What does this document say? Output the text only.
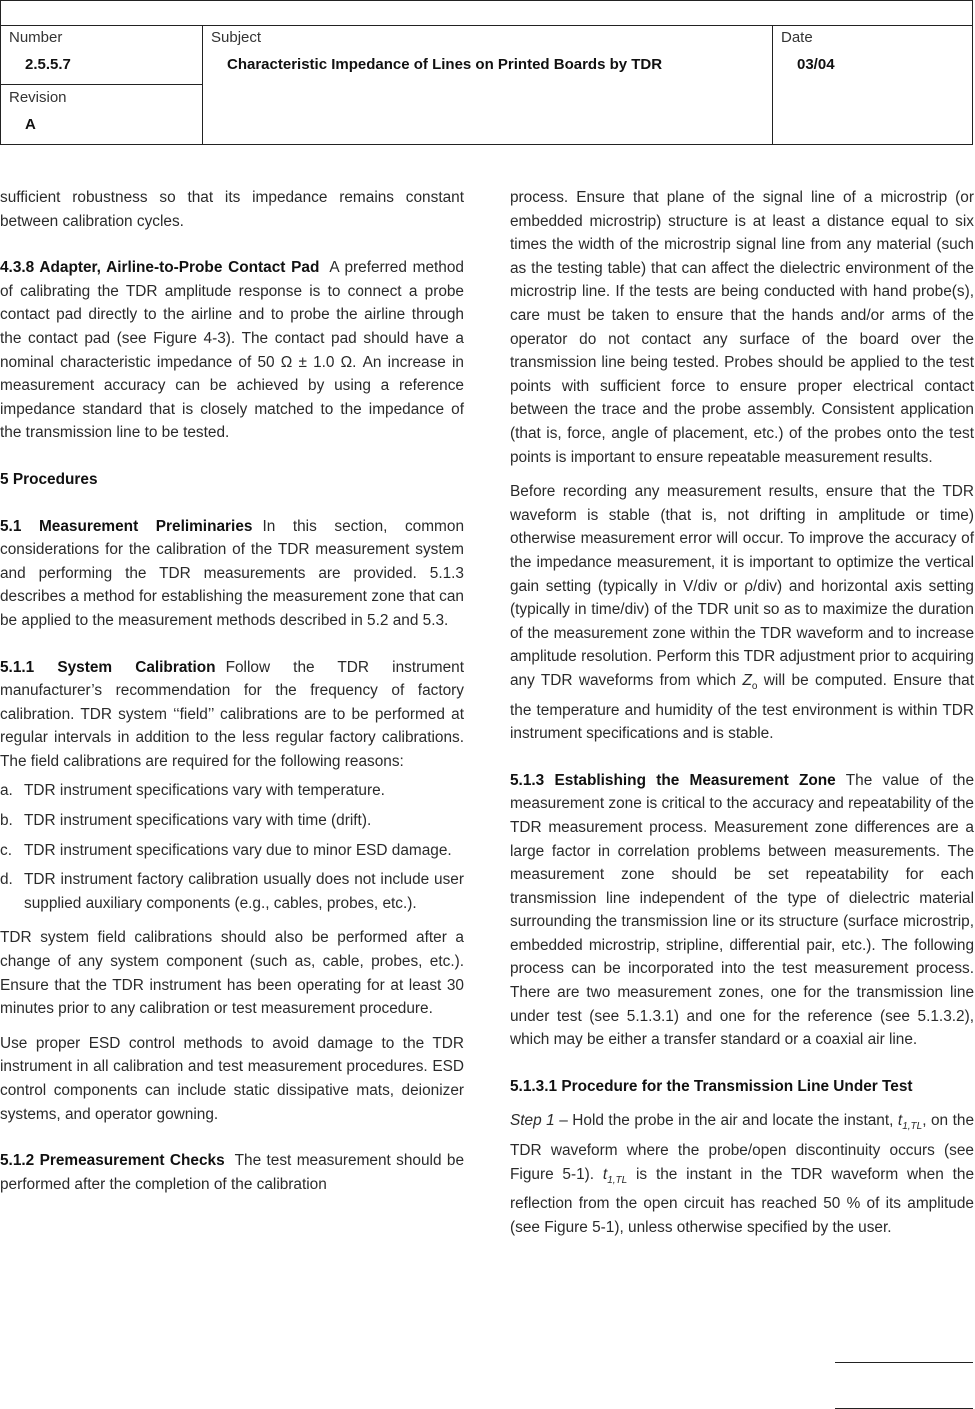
Number
2.5.5.7
Revision
A
Subject
Characteristic Impedance of Lines on Printed Boards by TDR
Date
03/04

sufficient robustness so that its impedance remains constant between calibration cycles.

4.3.8 Adapter, Airline-to-Probe Contact Pad A preferred method of calibrating the TDR amplitude response is to connect a probe contact pad directly to the airline and to probe the airline through the contact pad (see Figure 4-3). The contact pad should have a nominal characteristic impedance of 50 Ω ± 1.0 Ω. An increase in measurement accuracy can be achieved by using a reference impedance standard that is closely matched to the impedance of the transmission line to be tested.

5 Procedures

5.1 Measurement Preliminaries In this section, common considerations for the calibration of the TDR measurement system and performing the TDR measurements are provided. 5.1.3 describes a method for establishing the measurement zone that can be applied to the measurement methods described in 5.2 and 5.3.

5.1.1 System Calibration Follow the TDR instrument manufacturer’s recommendation for the frequency of factory calibration. TDR system ‘‘field’’ calibrations are to be performed at regular intervals in addition to the less regular factory calibrations. The field calibrations are required for the following reasons:

a. TDR instrument specifications vary with temperature.
b. TDR instrument specifications vary with time (drift).
c. TDR instrument specifications vary due to minor ESD damage.
d. TDR instrument factory calibration usually does not include user supplied auxiliary components (e.g., cables, probes, etc.).

TDR system field calibrations should also be performed after a change of any system component (such as, cable, probes, etc.). Ensure that the TDR instrument has been operating for at least 30 minutes prior to any calibration or test measurement procedure.

Use proper ESD control methods to avoid damage to the TDR instrument in all calibration and test measurement procedures. ESD control components can include static dissipative mats, deionizer systems, and operator gowning.

5.1.2 Premeasurement Checks The test measurement should be performed after the completion of the calibration

process. Ensure that plane of the signal line of a microstrip (or embedded microstrip) structure is at least a distance equal to six times the width of the microstrip signal line from any material (such as the testing table) that can affect the dielectric environment of the microstrip line. If the tests are being conducted with hand probe(s), care must be taken to ensure that the hands and/or arms of the operator do not contact any surface of the board over the transmission line being tested. Probes should be applied to the test points with sufficient force to ensure proper electrical contact between the trace and the probe assembly. Consistent application (that is, force, angle of placement, etc.) of the probes onto the test points is important to ensure repeatable measurement results.

Before recording any measurement results, ensure that the TDR waveform is stable (that is, not drifting in amplitude or time) otherwise measurement error will occur. To improve the accuracy of the impedance measurement, it is important to optimize the vertical gain setting (typically in V/div or ρ/div) and horizontal axis setting (typically in time/div) of the TDR unit so as to maximize the duration of the measurement zone within the TDR waveform and to increase amplitude resolution. Perform this TDR adjustment prior to acquiring any TDR waveforms from which $Z_o$ will be computed. Ensure that the temperature and humidity of the test environment is within TDR instrument specifications and is stable.

5.1.3 Establishing the Measurement Zone The value of the measurement zone is critical to the accuracy and repeatability of the TDR measurement process. Measurement zone differences are a large factor in correlation problems between measurements. The measurement zone should be set repeatability for each transmission line independent of the type of dielectric material surrounding the transmission line or its structure (surface microstrip, embedded microstrip, stripline, differential pair, etc.). The following process can be incorporated into the test measurement process. There are two measurement zones, one for the transmission line under test (see 5.1.3.1) and one for the reference (see 5.1.3.2), which may be either a transfer standard or a coaxial air line.

5.1.3.1 Procedure for the Transmission Line Under Test

Step 1 – Hold the probe in the air and locate the instant, $t_{1,TL}$, on the TDR waveform where the probe/open discontinuity occurs (see Figure 5-1). $t_{1,TL}$ is the instant in the TDR waveform when the reflection from the open circuit has reached 50 % of its amplitude (see Figure 5-1), unless otherwise specified by the user.
